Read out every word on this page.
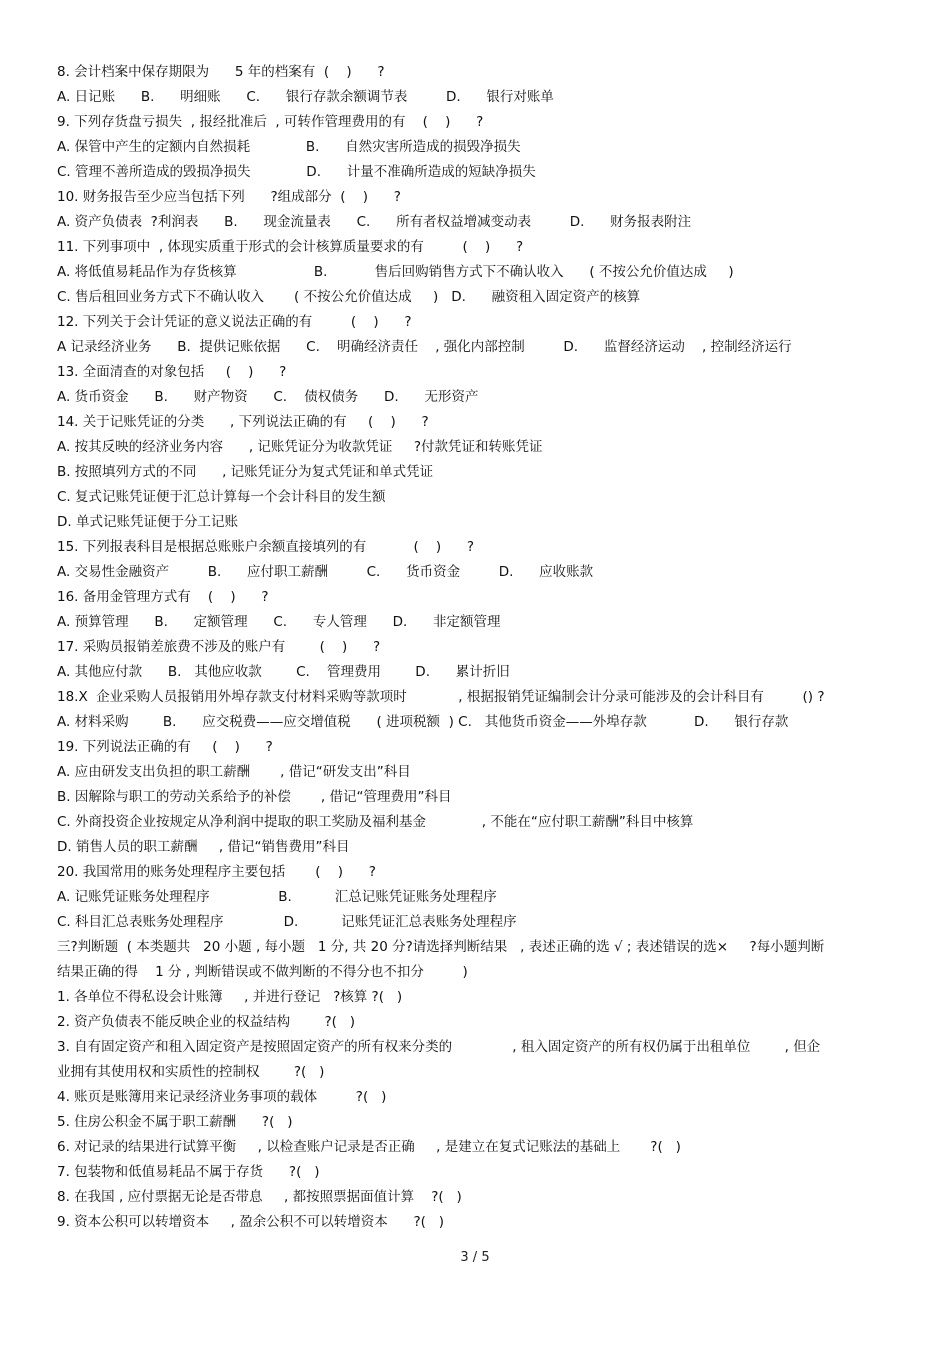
8. 会计档案中保存期限为      5 年的档案有  (    )      ?
A. 日记账      B.      明细账      C.      银行存款余额调节表         D.      银行对账单
9. 下列存货盘亏损失  , 报经批准后  , 可转作管理费用的有    (    )      ?
A. 保管中产生的定额内自然损耗             B.      自然灾害所造成的损毁净损失
C. 管理不善所造成的毁损净损失             D.      计量不准确所造成的短缺净损失
10. 财务报告至少应当包括下列      ?组成部分  (    )      ?
A. 资产负债表  ?利润表      B.      现金流量表      C.      所有者权益增减变动表         D.      财务报表附注
11. 下列事项中  , 体现实质重于形式的会计核算质量要求的有         (    )      ?
A. 将低值易耗品作为存货核算                  B.           售后回购销售方式下不确认收入      ( 不按公允价值达成     )
C. 售后租回业务方式下不确认收入       ( 不按公允价值达成     )   D.      融资租入固定资产的核算
12. 下列关于会计凭证的意义说法正确的有         (    )      ?
A 记录经济业务      B.  提供记账依据      C.    明确经济责任    , 强化内部控制         D.      监督经济运动    , 控制经济运行
13. 全面清查的对象包括     (    )      ?
A. 货币资金      B.      财产物资      C.    债权债务      D.      无形资产
14. 关于记账凭证的分类      , 下列说法正确的有     (    )      ?
A. 按其反映的经济业务内容      , 记账凭证分为收款凭证     ?付款凭证和转账凭证
B. 按照填列方式的不同      , 记账凭证分为复式凭证和单式凭证
C. 复式记账凭证便于汇总计算每一个会计科目的发生额
D. 单式记账凭证便于分工记账
15. 下列报表科目是根据总账账户余额直接填列的有           (    )      ?
A. 交易性金融资产         B.      应付职工薪酬         C.      货币资金         D.      应收账款
16. 备用金管理方式有    (    )      ?
A. 预算管理      B.      定额管理      C.      专人管理      D.      非定额管理
17. 采购员报销差旅费不涉及的账户有        (    )      ?
A. 其他应付款      B.   其他应收款        C.    管理费用        D.      累计折旧
18.X  企业采购人员报销用外埠存款支付材料采购等款项时            , 根据报销凭证编制会计分录可能涉及的会计科目有         () ?
A. 材料采购        B.      应交税费——应交增值税      ( 进项税额  ) C.   其他货币资金——外埠存款           D.      银行存款
19. 下列说法正确的有     (    )      ?
A. 应由研发支出负担的职工薪酬       , 借记“研发支出”科目
B. 因解除与职工的劳动关系给予的补偿       , 借记“管理费用”科目
C. 外商投资企业按规定从净利润中提取的职工奖励及福利基金             , 不能在“应付职工薪酬”科目中核算
D. 销售人员的职工薪酬     , 借记“销售费用”科目
20. 我国常用的账务处理程序主要包括       (    )      ?
A. 记账凭证账务处理程序                B.          汇总记账凭证账务处理程序
C. 科目汇总表账务处理程序              D.          记账凭证汇总表账务处理程序
三?判断题  ( 本类题共   20 小题 , 每小题   1 分, 共 20 分?请选择判断结果   , 表述正确的选 √ ; 表述错误的选×     ?每小题判断
结果正确的得    1 分 , 判断错误或不做判断的不得分也不扣分         )
1. 各单位不得私设会计账簿     , 并进行登记   ?核算 ?(   )
2. 资产负债表不能反映企业的权益结构        ?(   )
3. 自有固定资产和租入固定资产是按照固定资产的所有权来分类的              , 租入固定资产的所有权仍属于出租单位        , 但企
业拥有其使用权和实质性的控制权        ?(   )
4. 账页是账簿用来记录经济业务事项的载体         ?(   )
5. 住房公积金不属于职工薪酬      ?(   )
6. 对记录的结果进行试算平衡     , 以检查账户记录是否正确     , 是建立在复式记账法的基础上       ?(   )
7. 包装物和低值易耗品不属于存货      ?(   )
8. 在我国 , 应付票据无论是否带息     , 都按照票据面值计算    ?(   )
9. 资本公积可以转增资本     , 盈余公积不可以转增资本      ?(   )
3 / 5
